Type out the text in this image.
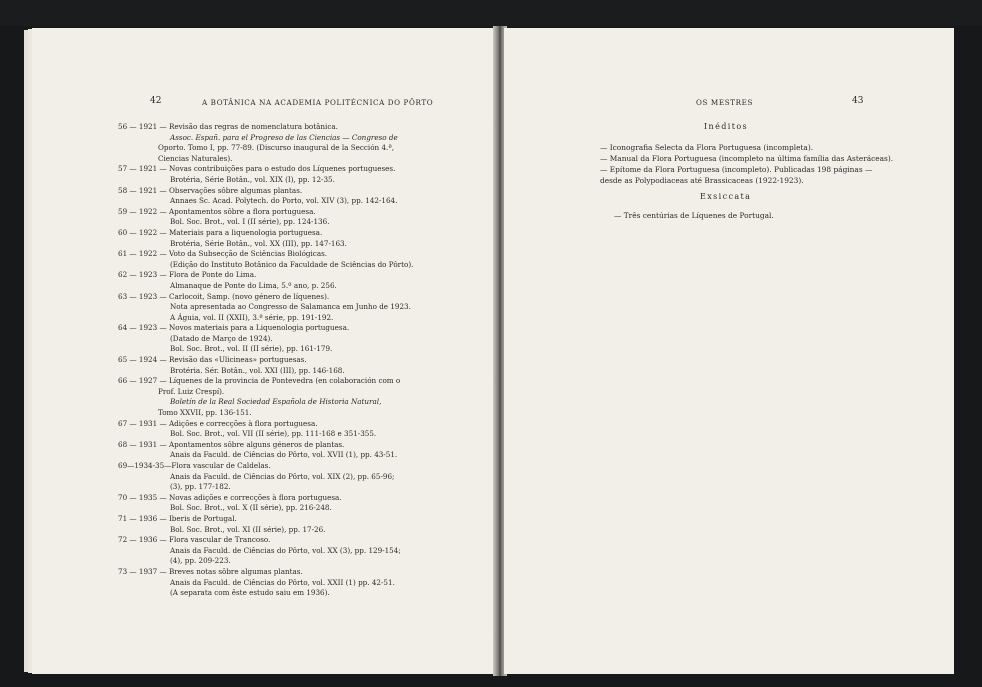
42	A BOTÂNICA NA ACADEMIA POLITÉCNICA DO PÔRTO
56 — 1921 — Revisão das regras de nomenclatura botânica.
Assoc. Españ. para el Progreso de las Ciencias — Congreso de
Oporto. Tomo I, pp. 77-89. (Discurso inaugural de la Sección 4.ª,
Ciencias Naturales).
57 — 1921 — Novas contribuições para o estudo dos Líquenes portugueses.
Brotéria, Série Botân., vol. XIX (I), pp. 12-35.
58 — 1921 — Observações sôbre algumas plantas.
Annaes Sc. Acad. Polytech. do Porto, vol. XIV (3), pp. 142-164.
59 — 1922 — Apontamentos sôbre a flora portuguesa.
Bol. Soc. Brot., vol. I (II série), pp. 124-136.
60 — 1922 — Materiais para a liquenologia portuguesa.
Brotéria, Série Botân., vol. XX (III), pp. 147-163.
61 — 1922 — Voto da Subsecção de Sciências Biológicas.
(Edição do Instituto Botânico da Faculdade de Sciências do Pôrto).
62 — 1923 — Flora de Ponte do Lima.
Almanaque de Ponte do Lima, 5.º ano, p. 256.
63 — 1923 — Carlocoit, Samp. (novo género de líquenes).
Nota apresentada ao Congresso de Salamanca em Junho de 1923.
A Águia, vol. II (XXII), 3.ª série, pp. 191-192.
64 — 1923 — Novos materiais para a Liquenologia portuguesa.
(Datado de Março de 1924).
Bol. Soc. Brot., vol. II (II série), pp. 161-179.
65 — 1924 — Revisão das «Ulicineas» portuguesas.
Brotéria. Sér. Botân., vol. XXI (III), pp. 146-168.
66 — 1927 — Líquenes de la provincia de Pontevedra (en colaboración com o
Prof. Luiz Crespí).
Boletín de la Real Sociedad Española de Historia Natural,
Tomo XXVII, pp. 136-151.
67 — 1931 — Adições e correcções à flora portuguesa.
Bol. Soc. Brot., vol. VII (II série), pp. 111-168 e 351-355.
68 — 1931 — Apontamentos sôbre alguns géneros de plantas.
Anais da Faculd. de Ciências do Pôrto, vol. XVII (1), pp. 43-51.
69—1934-35—Flora vascular de Caldelas.
Anais da Faculd. de Ciências do Pôrto, vol. XIX (2), pp. 65-96;
(3), pp. 177-182.
70 — 1935 — Novas adições e correcções à flora portuguesa.
Bol. Soc. Brot., vol. X (II série), pp. 216-248.
71 — 1936 — Iberis de Portugal.
Bol. Soc. Brot., vol. XI (II série), pp. 17-26.
72 — 1936 — Flora vascular de Trancoso.
Anais da Faculd. de Ciências do Pôrto, vol. XX (3), pp. 129-154;
(4), pp. 209-223.
73 — 1937 — Breves notas sôbre algumas plantas.
Anais da Faculd. de Ciências do Pôrto, vol. XXII (1) pp. 42-51.
(A separata com êste estudo saiu em 1936).
OS MESTRES	43
Inéditos
— Iconografia Selecta da Flora Portuguesa (incompleta).
— Manual da Flora Portuguesa (incompleto na última família das Asteráceas).
— Epítome da Flora Portuguesa (incompleto). Publicadas 198 páginas —
desde as Polypodiaceas até Brassicaceas (1922-1923).
Exsiccata
— Três centúrias de Líquenes de Portugal.
